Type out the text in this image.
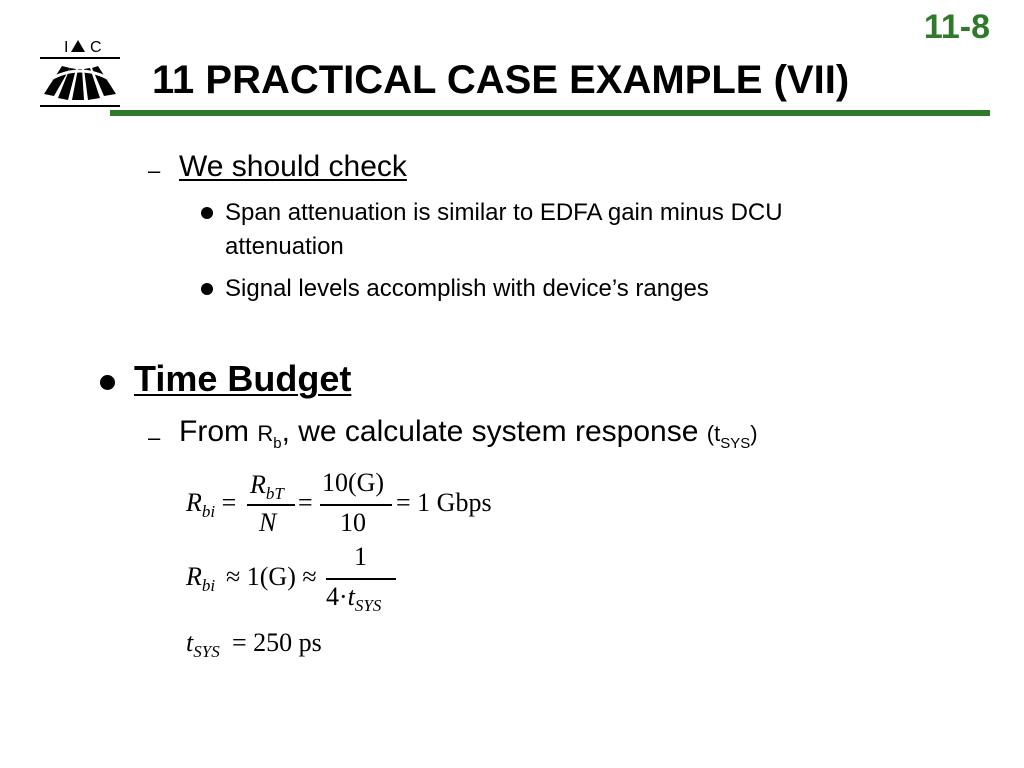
11-8
I C
11 PRACTICAL CASE EXAMPLE (VII)
– We should check
Span attenuation is similar to EDFA gain minus DCU attenuation
Signal levels accomplish with device’s ranges
Time Budget
– From $R_b$, we calculate system response $(t_{SYS})$
$R_{bi}$ =
$R_{bT}$
N
=
10(G)
10
= 1 Gbps
$R_{bi} \approx 1(G)$ ≈
1
$4\cdot t_{SYS}$
$t_{SYS} = 250$ ps
